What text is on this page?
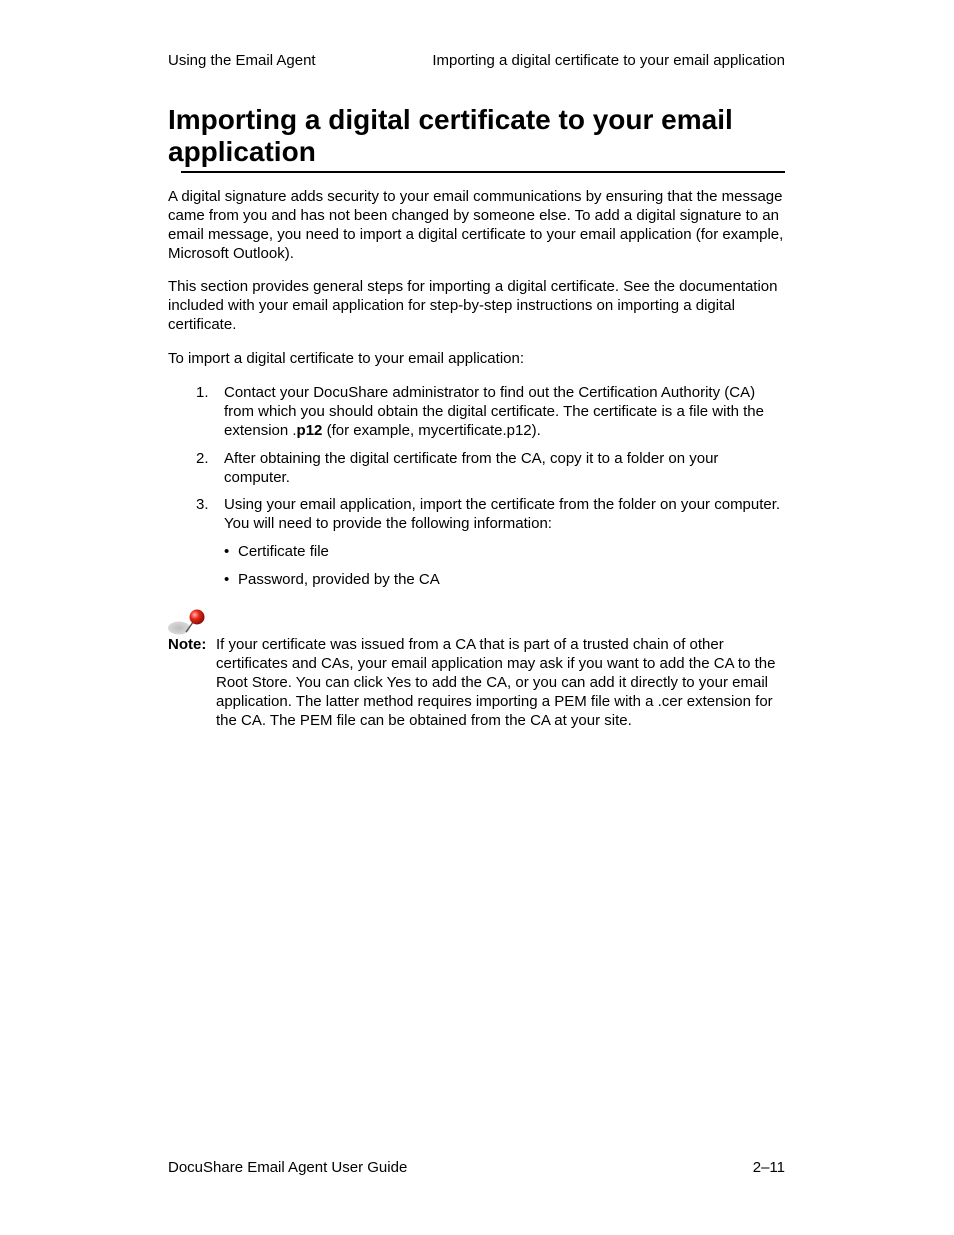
Using the Email Agent	Importing a digital certificate to your email application
Importing a digital certificate to your email application

A digital signature adds security to your email communications by ensuring that the message came from you and has not been changed by someone else. To add a digital signature to an email message, you need to import a digital certificate to your email application (for example, Microsoft Outlook).

This section provides general steps for importing a digital certificate. See the documentation included with your email application for step-by-step instructions on importing a digital certificate.

To import a digital certificate to your email application:

1. Contact your DocuShare administrator to find out the Certification Authority (CA) from which you should obtain the digital certificate. The certificate is a file with the extension .p12 (for example, mycertificate.p12).
2. After obtaining the digital certificate from the CA, copy it to a folder on your computer.
3. Using your email application, import the certificate from the folder on your computer. You will need to provide the following information:
• Certificate file
• Password, provided by the CA
Note: If your certificate was issued from a CA that is part of a trusted chain of other certificates and CAs, your email application may ask if you want to add the CA to the Root Store. You can click Yes to add the CA, or you can add it directly to your email application. The latter method requires importing a PEM file with a .cer extension for the CA. The PEM file can be obtained from the CA at your site.
DocuShare Email Agent User Guide	2–11
